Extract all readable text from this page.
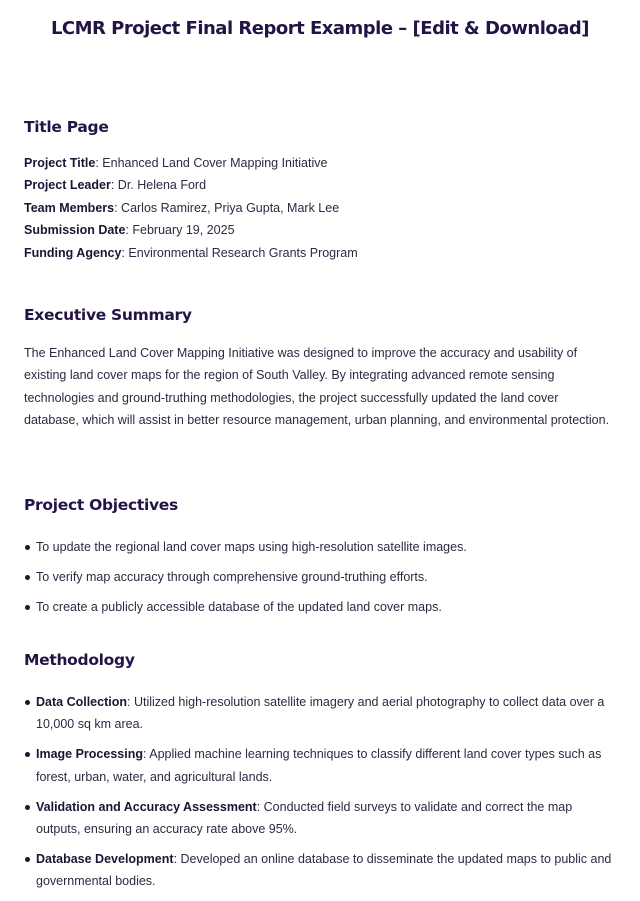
LCMR Project Final Report Example – [Edit & Download]
Title Page

Project Title: Enhanced Land Cover Mapping Initiative

Project Leader: Dr. Helena Ford

Team Members: Carlos Ramirez, Priya Gupta, Mark Lee

Submission Date: February 19, 2025

Funding Agency: Environmental Research Grants Program

Executive Summary

The Enhanced Land Cover Mapping Initiative was designed to improve the accuracy and usability of existing land cover maps for the region of South Valley. By integrating advanced remote sensing technologies and ground-truthing methodologies, the project successfully updated the land cover database, which will assist in better resource management, urban planning, and environmental protection.

Project Objectives
To update the regional land cover maps using high-resolution satellite images.
To verify map accuracy through comprehensive ground-truthing efforts.
To create a publicly accessible database of the updated land cover maps.
Methodology
Data Collection: Utilized high-resolution satellite imagery and aerial photography to collect data over a 10,000 sq km area.
Image Processing: Applied machine learning techniques to classify different land cover types such as forest, urban, water, and agricultural lands.
Validation and Accuracy Assessment: Conducted field surveys to validate and correct the map outputs, ensuring an accuracy rate above 95%.
Database Development: Developed an online database to disseminate the updated maps to public and governmental bodies.
